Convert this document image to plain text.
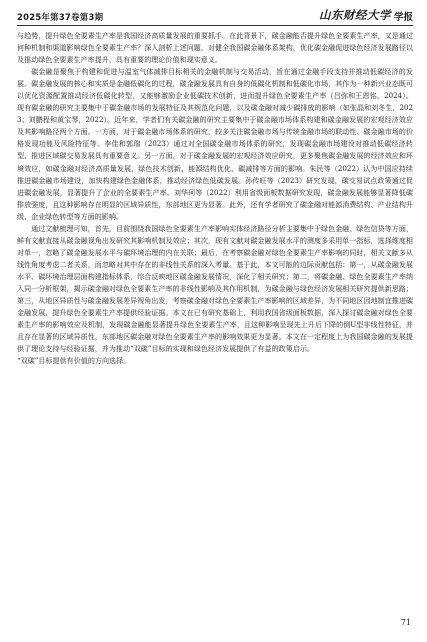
2025年第37卷第3期	山东财经大学 学报

与趋势，提升绿色全要素生产率是我国经济高质量发展的重要抓手。在此背景下，碳金融能否提升绿色全要素生产率，又是通过何种机制和渠道影响绿色全要素生产率？深入剖析上述问题，对健全我国碳金融体系架构，优化碳金融促进绿色经济发展路径以及推动绿色全要素生产率提升，具有重要的理论价值和现实意义。

碳金融是聚焦于构建和促进与温室气体减排目标相关的金融机制与交易活动，旨在通过金融手段支持并推动低碳经济的发展。碳金融发展的核心和实质是金融低碳化的过程，碳金融发展具有自身的低碳化机制和低碳化市场，其作为一种新兴业态既可以优化资源配置推动经济低碳化转型，又能够激励企业低碳技术创新，进而提升绿色全要素生产率（吕弥和王恩铭，2024）。现有碳金融的研究主要集中于碳金融市场的发展特征及其规范化问题，以及碳金融对减少碳排放的影响（如张晶和刘冬生，2023；刘鹏程和黄宝琴，2022）。近年来，学者们有关碳金融的研究主要集中于碳金融市场体系构建和碳金融发展的宏观经济效应及其影响路径两个方面。一方面，对于碳金融市场体系的研究，较多关注碳金融市场与传统金融市场的联动性、碳金融市场的价格发现功能及风险特征等。李佳和郭瑞（2023）通过对全国碳金融市场体系的研究，发现碳金融市场建设对推动低碳经济转型、推进区域碳交易发展具有重要意义。另一方面，对于碳金融发展的宏观经济效应研究，更多聚焦碳金融发展的经济效应和环境效应，如碳金融对经济高质量发展、绿色技术创新、能源结构优化、碳减排等方面的影响。朱民等（2022）认为中国应持续推进碳金融市场建设，加快构建绿色金融体系，推动经济绿色低碳发展。孙传旺等（2023）研究发现，碳交易试点政策通过促进碳金融发展，显著提升了企业的全要素生产率。刘华珂等（2022）利用省级面板数据研究发现，碳金融发展能够显著降低碳排放强度，且这种影响存在明显的区域异质性，东部地区更为显著。此外，还有学者研究了碳金融对能源消费结构、产业结构升级、企业绿色转型等方面的影响。

通过文献梳理可知，首先，目前围绕我国绿色全要素生产率影响实体经济路径分析主要集中于绿色金融、绿色信贷等方面，鲜有文献直接从碳金融视角出发研究其影响机制及效应；其次，现有文献对碳金融发展水平的测度多采用单一指标，选择维度相对单一，忽略了碳金融发展水平与碳环境治理的内在关联；最后，在考察碳金融对绿色全要素生产率影响的同时，相关文献多从线性角度考虑二者关系，而忽略对其中存在的非线性关系的深入考量。基于此，本文可能的边际贡献包括：第一，从碳金融发展水平、碳环境治理层面构建指标体系，综合反映地区碳金融发展情况，深化了相关研究；第二，将碳金融、绿色全要素生产率纳入同一分析框架，揭示碳金融对绿色全要素生产率的非线性影响及其作用机制，为碳金融与绿色经济发展相关研究提供新思路；第三，从地区异质性与碳金融发展差异视角出发，考察碳金融对绿色全要素生产率影响的区域差异，为不同地区因地制宜推进碳金融发展、提升绿色全要素生产率提供经验证据。本文在已有研究基础上，利用我国省级面板数据，深入探讨碳金融对绿色全要素生产率的影响效应及机制，发现碳金融能显著提升绿色全要素生产率，且这种影响呈现先上升后下降的倒U型非线性特征，并且存在显著的区域异质性，东部地区碳金融对绿色全要素生产率的影响效果更为显著。本文在一定程度上为我国碳金融的发展提供了理论支持与经验证据，并为推动“双碳”目标的实现和绿色经济发展提供了有益的政策启示。

“双碳”目标提供有价值的方向选择。

71
